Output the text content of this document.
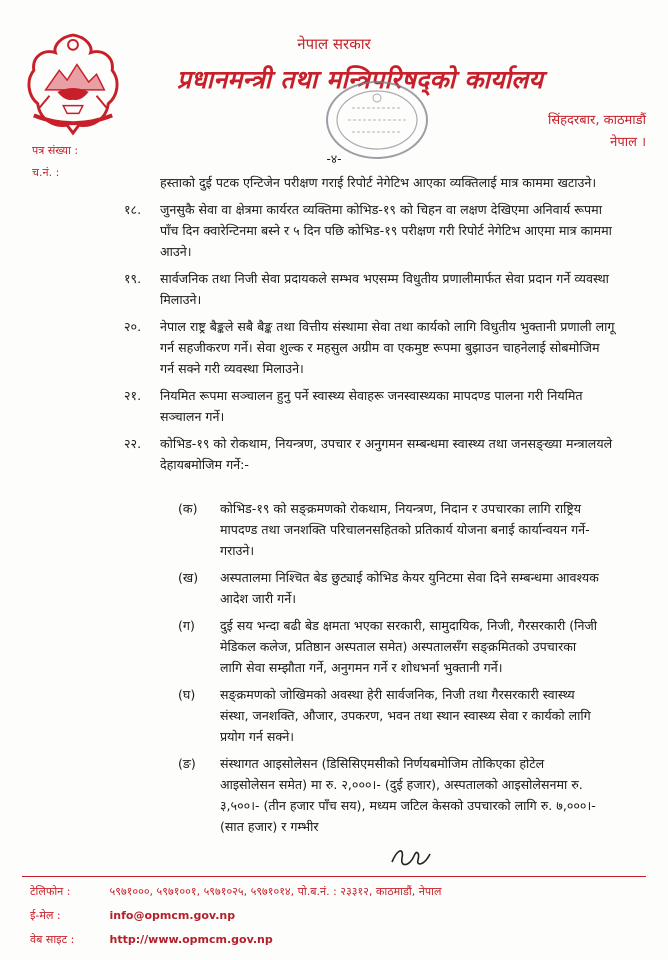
नेपाल सरकार
प्रधानमन्त्री तथा मन्त्रिपरिषद्को कार्यालय
सिंहदरबार, काठमाडौं
नेपाल ।
पत्र संख्या :
च.नं. :
-४-
हस्ताको दुई पटक एन्टिजेन परीक्षण गराई रिपोर्ट नेगेटिभ आएका व्यक्तिलाई मात्र काममा खटाउने।
१८.	जुनसुकै सेवा वा क्षेत्रमा कार्यरत व्यक्तिमा कोभिड-१९ को चिहन वा लक्षण देखिएमा अनिवार्य रूपमा पाँच दिन क्वारेन्टिनमा बस्ने र ५ दिन पछि कोभिड-१९ परीक्षण गरी रिपोर्ट नेगेटिभ आएमा मात्र काममा आउने।
१९.	सार्वजनिक तथा निजी सेवा प्रदायकले सम्भव भएसम्म विधुतीय प्रणालीमार्फत सेवा प्रदान गर्ने व्यवस्था मिलाउने।
२०.	नेपाल राष्ट्र बैङ्कले सबै बैङ्क तथा वित्तीय संस्थामा सेवा तथा कार्यको लागि विधुतीय भुक्तानी प्रणाली लागू गर्न सहजीकरण गर्ने। सेवा शुल्क र महसुल अग्रीम वा एकमुष्ट रूपमा बुझाउन चाहनेलाई सोबमोजिम गर्न सक्ने गरी व्यवस्था मिलाउने।
२१.	नियमित रूपमा सञ्चालन हुनु पर्ने स्वास्थ्य सेवाहरू जनस्वास्थ्यका मापदण्ड पालना गरी नियमित सञ्चालन गर्ने।
२२.	कोभिड-१९ को रोकथाम, नियन्त्रण, उपचार र अनुगमन सम्बन्धमा स्वास्थ्य तथा जनसङ्ख्या मन्त्रालयले देहायबमोजिम गर्ने:-
(क)	कोभिड-१९ को सङ्क्रमणको रोकथाम, नियन्त्रण, निदान र उपचारका लागि राष्ट्रिय मापदण्ड तथा जनशक्ति परिचालनसहितको प्रतिकार्य योजना बनाई कार्यान्वयन गर्ने-गराउने।
(ख)	अस्पतालमा निश्चित बेड छुट्याई कोभिड केयर युनिटमा सेवा दिने सम्बन्धमा आवश्यक आदेश जारी गर्ने।
(ग)	दुई सय भन्दा बढी बेड क्षमता भएका सरकारी, सामुदायिक, निजी, गैरसरकारी (निजी मेडिकल कलेज, प्रतिष्ठान अस्पताल समेत) अस्पतालसँग सङ्क्रमितको उपचारका लागि सेवा सम्झौता गर्ने, अनुगमन गर्ने र शोधभर्ना भुक्तानी गर्ने।
(घ)	सङ्क्रमणको जोखिमको अवस्था हेरी सार्वजनिक, निजी तथा गैरसरकारी स्वास्थ्य संस्था, जनशक्ति, औजार, उपकरण, भवन तथा स्थान स्वास्थ्य सेवा र कार्यको लागि प्रयोग गर्न सक्ने।
(ङ)	संस्थागत आइसोलेसन (डिसिसिएमसीको निर्णयबमोजिम तोकिएका होटेल आइसोलेसन समेत) मा रु. २,०००।- (दुई हजार), अस्पतालको आइसोलेसनमा रु. ३,५००।- (तीन हजार पाँच सय), मध्यम जटिल केसको उपचारको लागि रु. ७,०००।- (सात हजार) र गम्भीर
टेलिफोन :	५९७१०००, ५९७१००१, ५९७१०२५, ५९७१०१४, पो.ब.नं. : २३३१२, काठमाडौं, नेपाल
ई-मेल :	info@opmcm.gov.np
वेब साइट :	http://www.opmcm.gov.np
